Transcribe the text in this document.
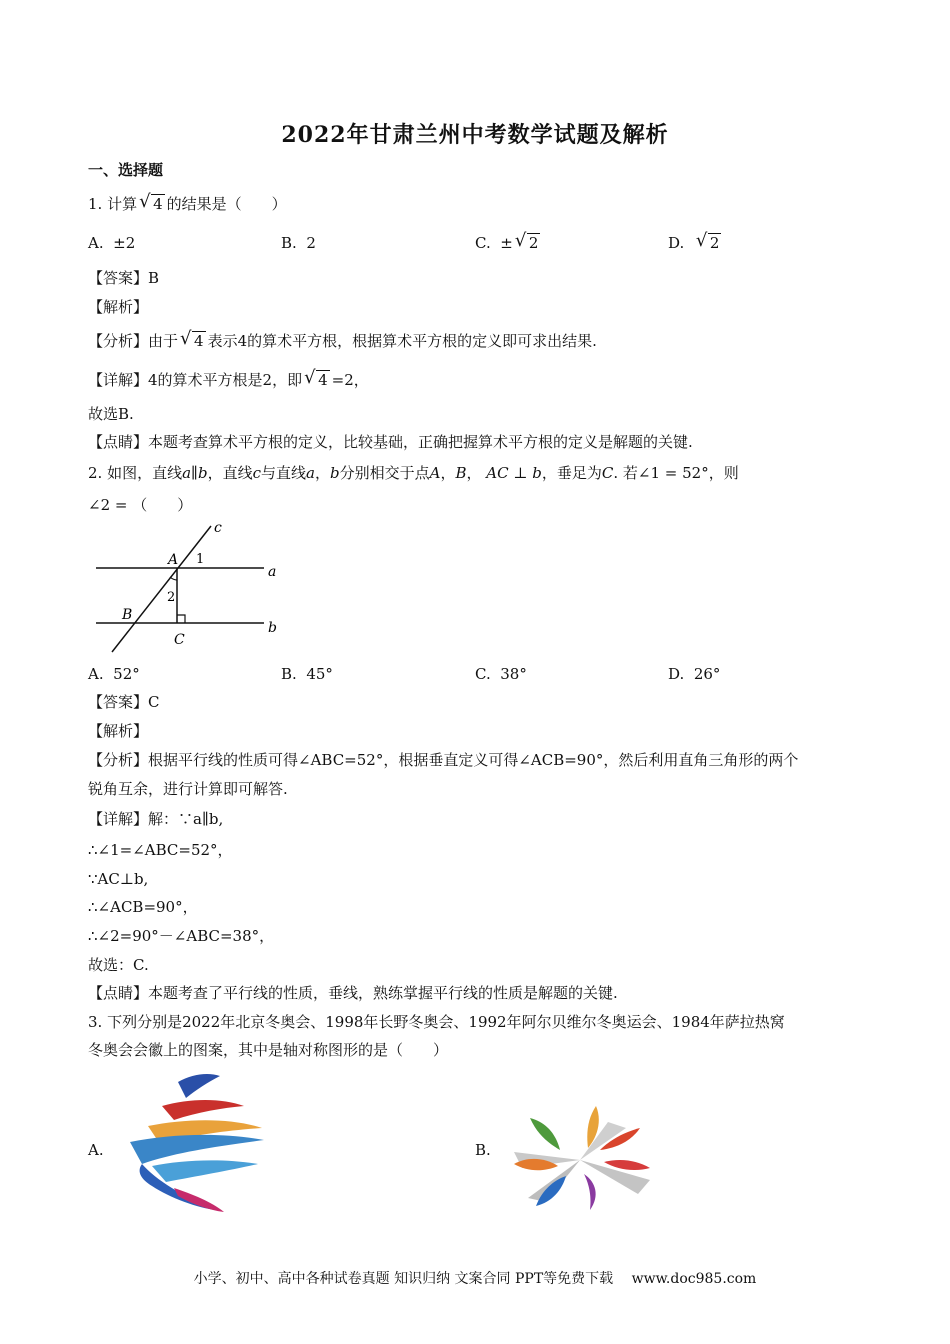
2022年甘肃兰州中考数学试题及解析
一、选择题
1. 计算 √ 4 的结果是（　　）
A. ±2	B. 2	C. ± √ 2	D. √ 2
【答案】B
【解析】
【分析】由于 √ 4 表示4的算术平方根，根据算术平方根的定义即可求出结果.
【详解】4的算术平方根是2，即 √ 4 =2，
故选B.
【点睛】本题考查算术平方根的定义，比较基础，正确把握算术平方根的定义是解题的关键.
2. 如图，直线a∥b，直线c与直线a，b分别相交于点A，B， AC ⊥ b，垂足为C. 若∠1 = 52°，则
∠2 = （　　）
c
a
b
A
B
C
1
2
A. 52°	B. 45°	C. 38°	D. 26°
【答案】C
【解析】
【分析】根据平行线的性质可得∠ABC=52°，根据垂直定义可得∠ACB=90°，然后利用直角三角形的两个
锐角互余，进行计算即可解答.
【详解】解：∵a∥b,
∴∠1=∠ABC=52°，
∵AC⊥b,
∴∠ACB=90°，
∴∠2=90°－∠ABC=38°，
故选：C.
【点睛】本题考查了平行线的性质，垂线，熟练掌握平行线的性质是解题的关键.
3. 下列分别是2022年北京冬奥会、1998年长野冬奥会、1992年阿尔贝维尔冬奥运会、1984年萨拉热窝
冬奥会会徽上的图案，其中是轴对称图形的是（　　）
A.	B.
小学、初中、高中各种试卷真题 知识归纳 文案合同 PPT等免费下载　 www.doc985.com
